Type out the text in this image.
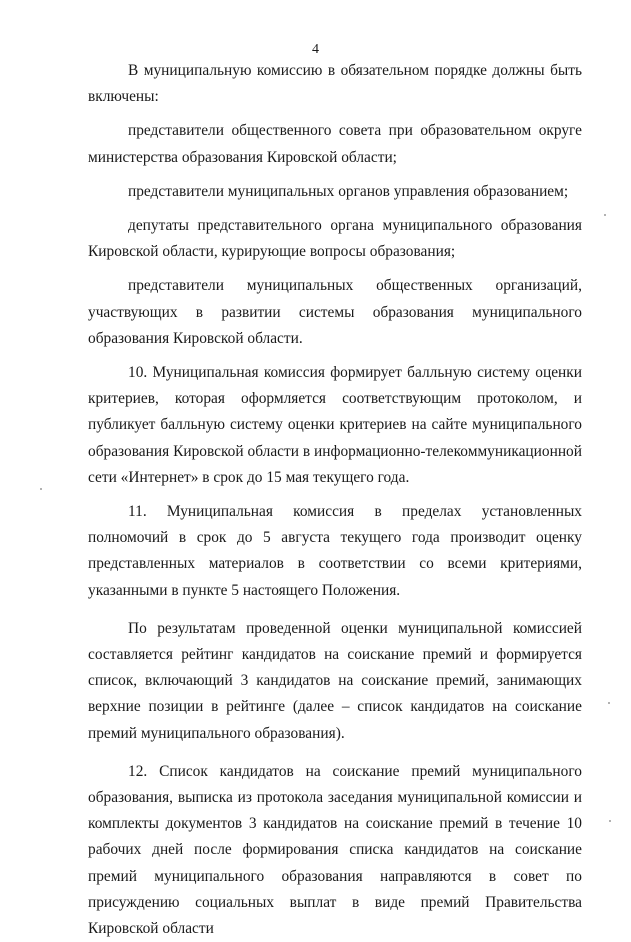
4

В муниципальную комиссию в обязательном порядке должны быть включены:

представители общественного совета при образовательном округе министерства образования Кировской области;

представители муниципальных органов управления образованием;

депутаты представительного органа муниципального образования Кировской области, курирующие вопросы образования;

представители муниципальных общественных организаций, участвующих в развитии системы образования муниципального образования Кировской области.

10. Муниципальная комиссия формирует балльную систему оценки критериев, которая оформляется соответствующим протоколом, и публикует балльную систему оценки критериев на сайте муниципального образования Кировской области в информационно-телекоммуникационной сети «Интернет» в срок до 15 мая текущего года.

11. Муниципальная комиссия в пределах установленных полномочий в срок до 5 августа текущего года производит оценку представленных материалов в соответствии со всеми критериями, указанными в пункте 5 настоящего Положения.

По результатам проведенной оценки муниципальной комиссией составляется рейтинг кандидатов на соискание премий и формируется список, включающий 3 кандидатов на соискание премий, занимающих верхние позиции в рейтинге (далее – список кандидатов на соискание премий муниципального образования).

12. Список кандидатов на соискание премий муниципального образования, выписка из протокола заседания муниципальной комиссии и комплекты документов 3 кандидатов на соискание премий в течение 10 рабочих дней после формирования списка кандидатов на соискание премий муниципального образования направляются в совет по присуждению социальных выплат в виде премий Правительства Кировской области
